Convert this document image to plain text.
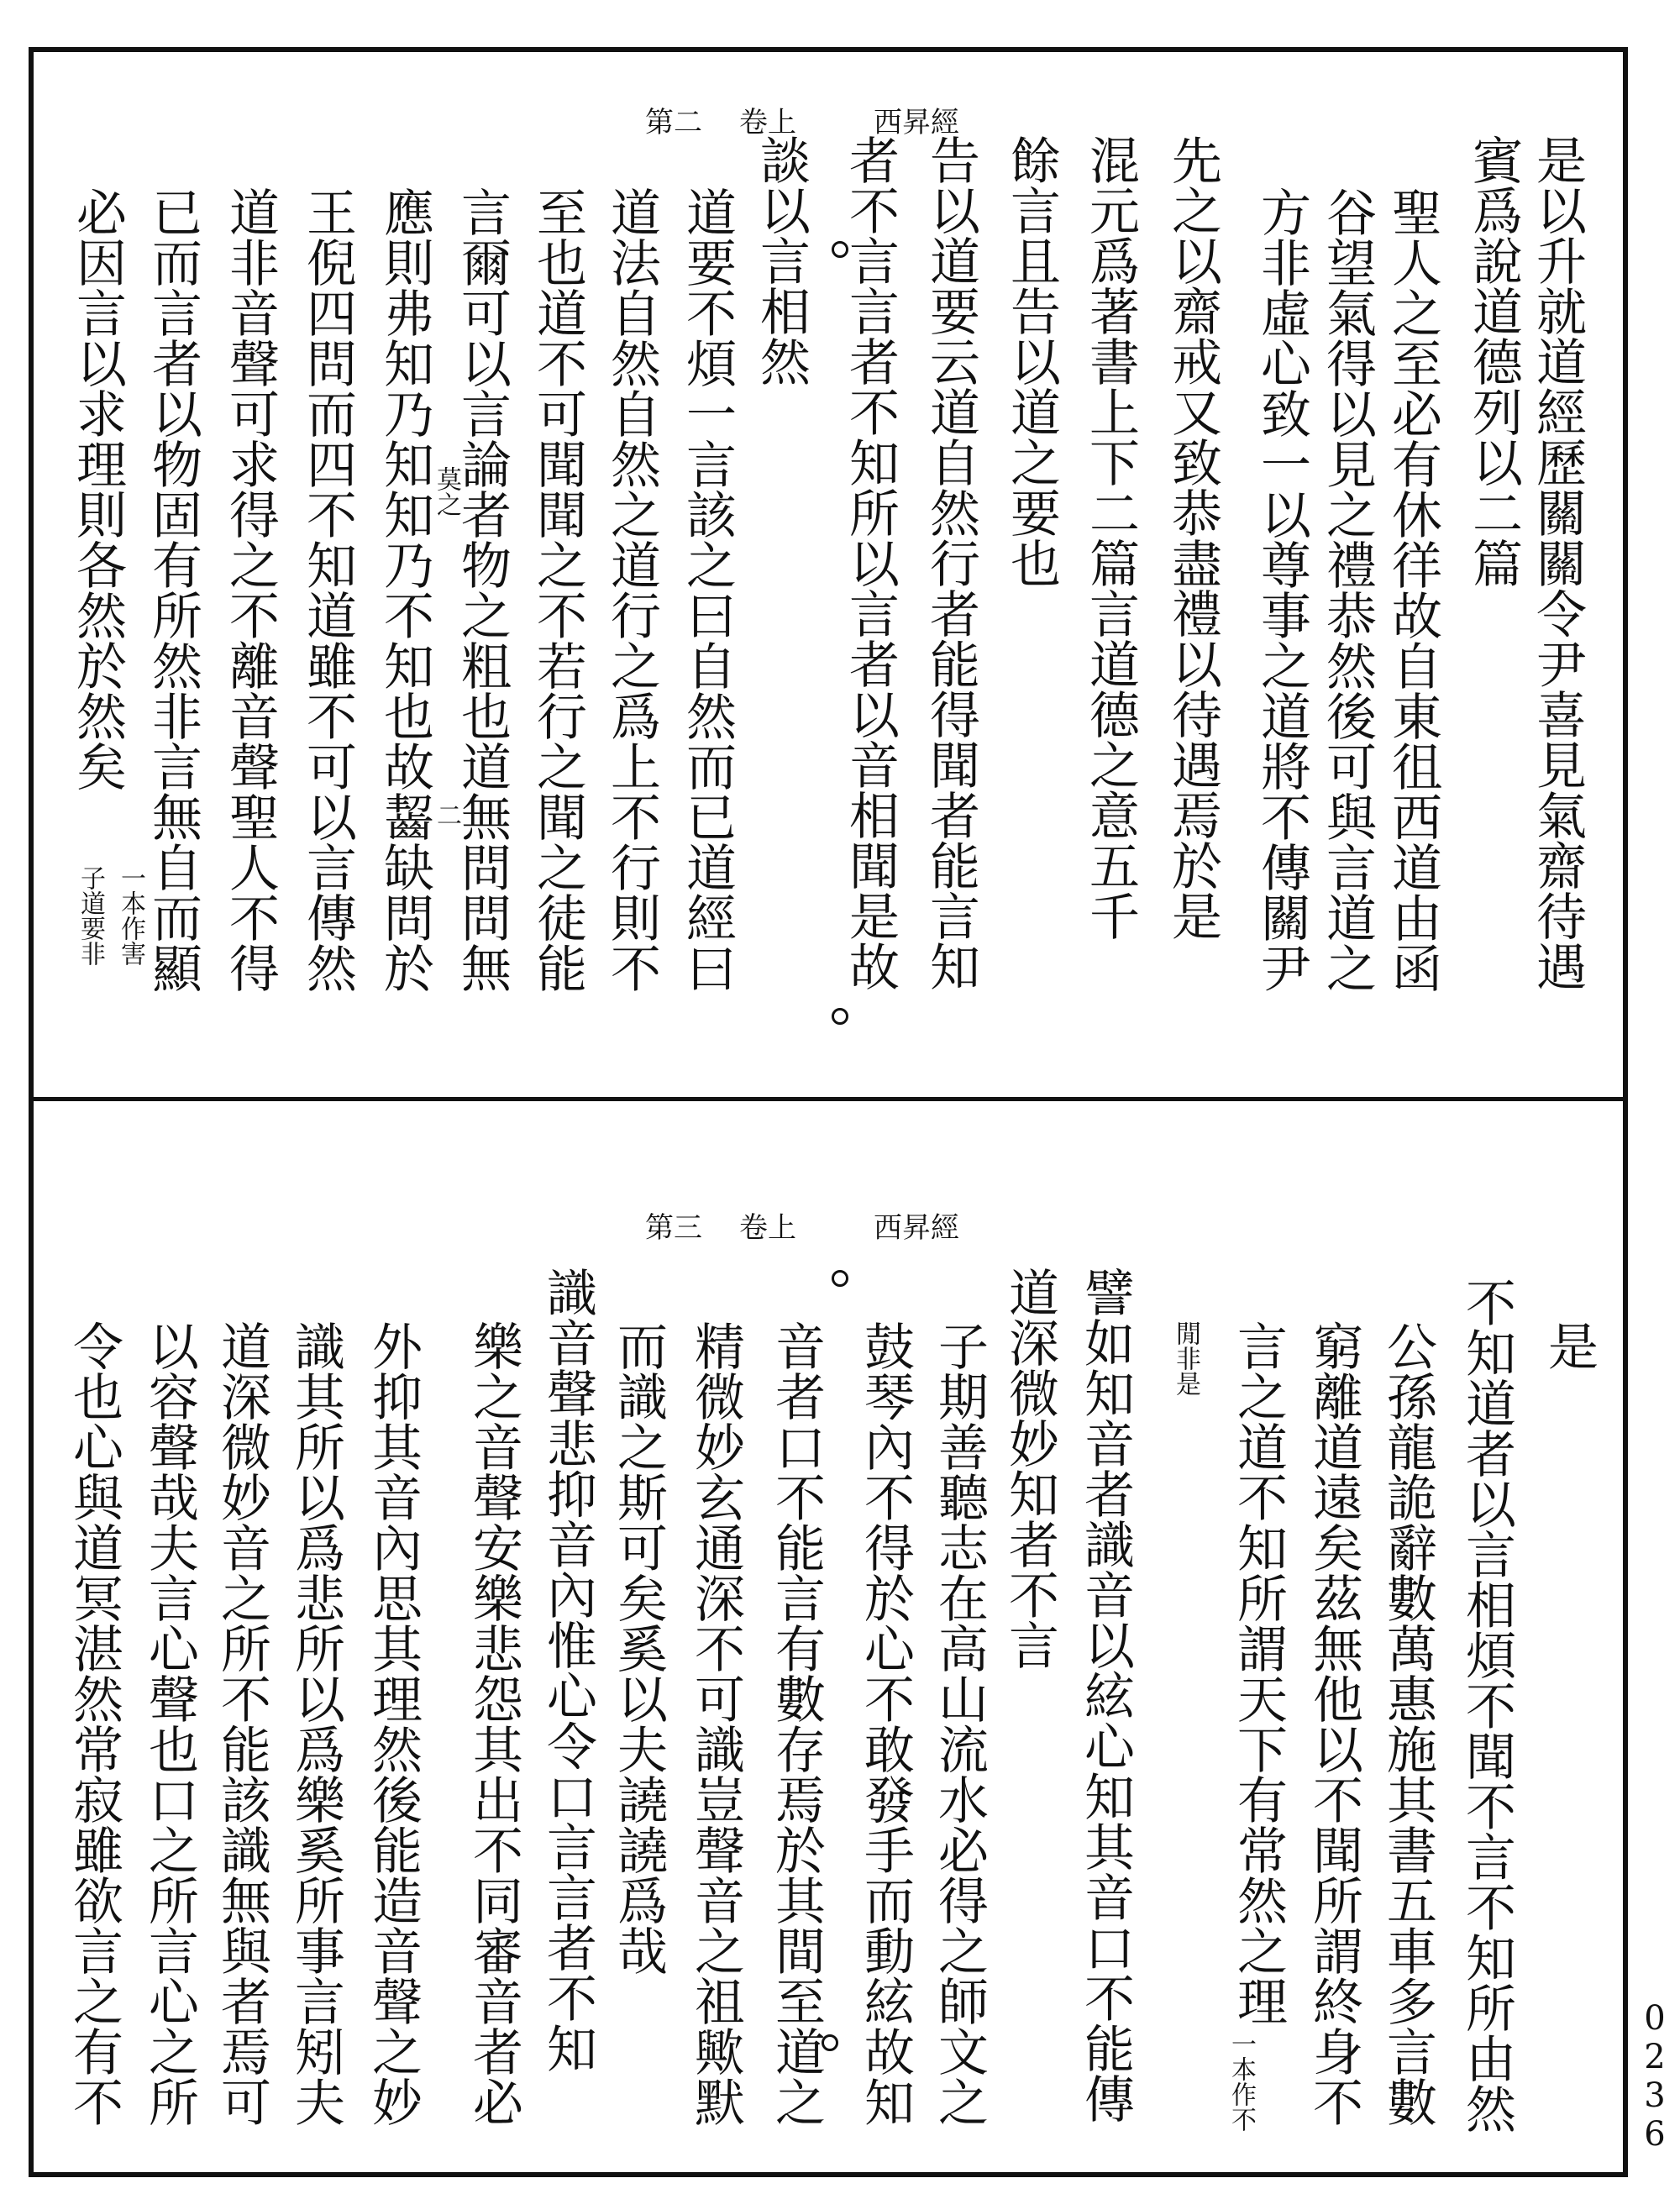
西昇經
卷上
第二
是以升就道經歷關關令尹喜見氣齋待遇
賓爲說道德列以二篇
聖人之至必有休徉故自東徂西道由函
谷望氣得以見之禮恭然後可與言道之
方非虛心致一以尊事之道將不傳關尹
先之以齋戒又致恭盡禮以待遇焉於是
混元爲著書上下二篇言道德之意五千
餘言且告以道之要也
告以道要云道自然行者能得聞者能言知
者不言言者不知所以言者以音相聞是故
談以言相然
道要不煩一言該之曰自然而已道經曰
道法自然自然之道行之爲上不行則不
至也道不可聞聞之不若行之聞之徒能
言爾可以言論者物之粗也道無問問無
莫之
二
應則弗知乃知知乃不知也故齧缺問於
王倪四問而四不知道雖不可以言傳然
道非音聲可求得之不離音聲聖人不得
已而言者以物固有所然非言無自而顯
必因言以求理則各然於然矣
一本作害
子道要非
西昇經
卷上
第三
是
不知道者以言相煩不聞不言不知所由然
公孫龍詭辭數萬惠施其書五車多言數
窮離道遠矣茲無他以不聞所謂終身不
言之道不知所謂天下有常然之理
一本作不
閒非是
譬如知音者識音以絃心知其音口不能傳
道深微妙知者不言
子期善聽志在高山流水必得之師文之
鼓琴內不得於心不敢發手而動絃故知
音者口不能言有數存焉於其間至道之
精微妙玄通深不可識豈聲音之祖歟默
而識之斯可矣奚以夫譊譊爲哉
識音聲悲抑音內惟心令口言言者不知
樂之音聲安樂悲怨其出不同審音者必
外抑其音內思其理然後能造音聲之妙
識其所以爲悲所以爲樂奚所事言矧夫
道深微妙音之所不能該識無與者焉可
以容聲哉夫言心聲也口之所言心之所
令也心與道冥湛然常寂雖欲言之有不	0236
